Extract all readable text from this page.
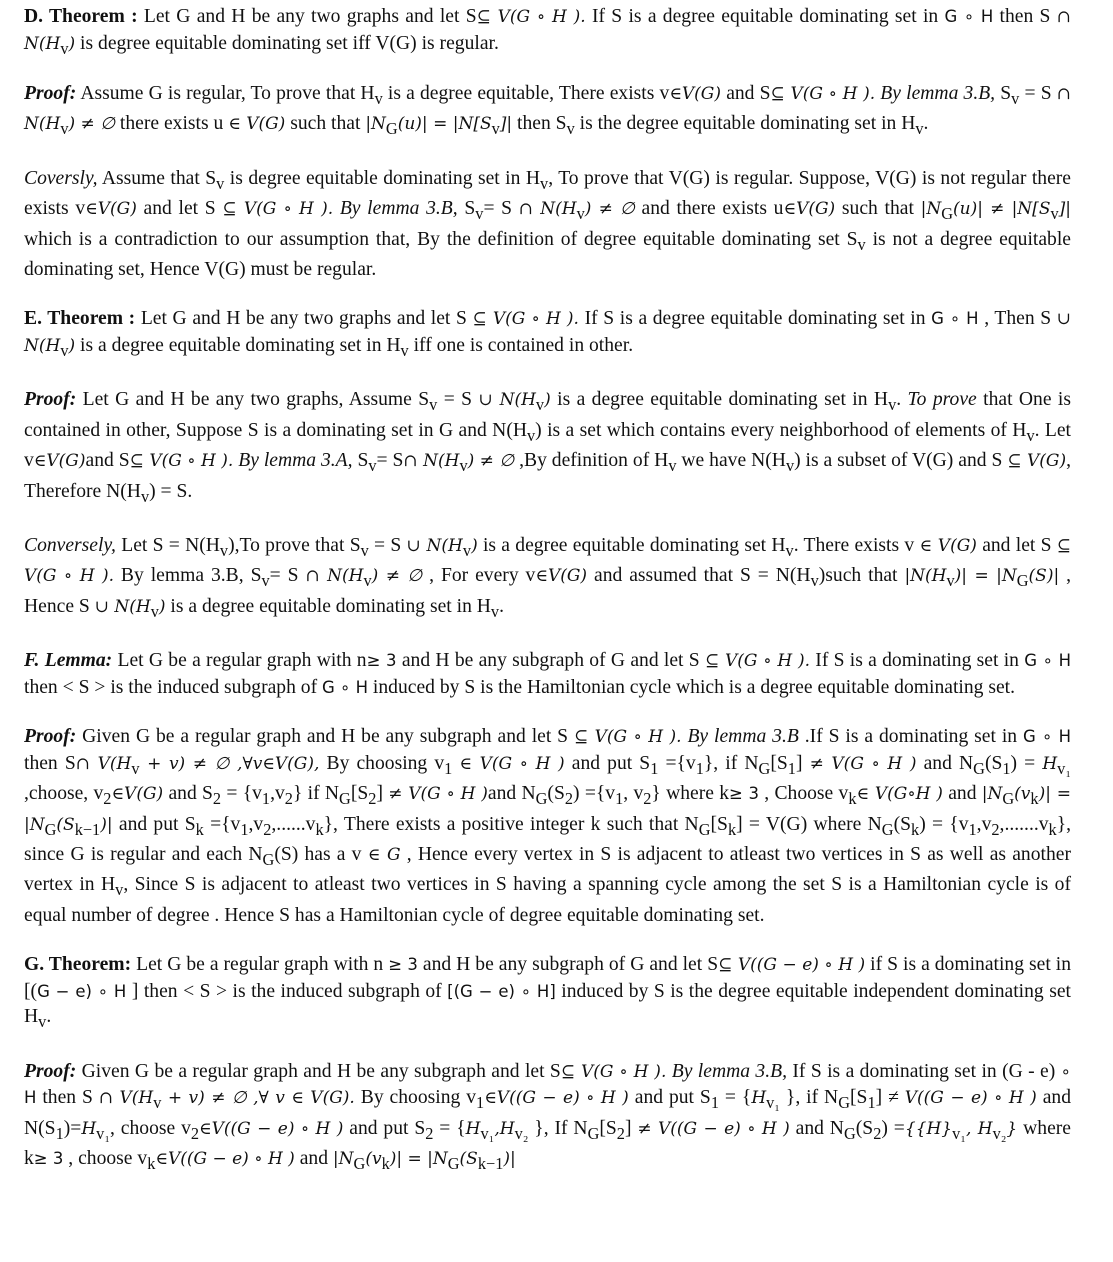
D. Theorem : Let G and H be any two graphs and let S⊆ V(G ∘ H ). If S is a degree equitable dominating set in G ∘ H then S ∩ $N(H_v)$ is degree equitable dominating set iff V(G) is regular.

Proof: Assume G is regular, To prove that $H_v$ is a degree equitable, There exists v∈V(G) and S⊆ V(G ∘ H ). By lemma 3.B, $S_v = S$ ∩ $N(H_v)$ ≠ ∅ there exists u ∈ V(G) such that $|N_G(u)| = |N[S_v]|$ then $S_v$ is the degree equitable dominating set in $H_v$.

Coversly, Assume that $S_v$ is degree equitable dominating set in $H_v$, To prove that V(G) is regular. Suppose, V(G) is not regular there exists v∈V(G) and let S ⊆ V(G ∘ H ). By lemma 3.B, $S_v= S$ ∩ $N(H_v)$ ≠ ∅ and there exists u∈V(G) such that $|N_G(u)| \ne |N[S_v]|$ which is a contradiction to our assumption that, By the definition of degree equitable dominating set $S_v$ is not a degree equitable dominating set, Hence V(G) must be regular.

E. Theorem : Let G and H be any two graphs and let S ⊆ V(G ∘ H ). If S is a degree equitable dominating set in G ∘ H , Then S ∪ $N(H_v)$ is a degree equitable dominating set in $H_v$ iff one is contained in other.

Proof: Let G and H be any two graphs, Assume $S_v = S$ ∪ $N(H_v)$ is a degree equitable dominating set in $H_v$. To prove that One is contained in other, Suppose S is a dominating set in G and $N(H_v)$ is a set which contains every neighborhood of elements of $H_v$. Let v∈V(G)and S⊆ V(G ∘ H ). By lemma 3.A, $S_v=$ S∩ $N(H_v)$ ≠ ∅ ,By definition of $H_v$ we have $N(H_v)$ is a subset of V(G) and S ⊆ V(G), Therefore $N(H_v) = S$.

Conversely, Let $S = N(H_v),To$ prove that $S_v = S$ ∪ $N(H_v)$ is a degree equitable dominating set $H_v$. There exists v ∈ V(G) and let S ⊆ V(G ∘ H ). By lemma 3.B, $S_v= S$ ∩ $N(H_v)$ ≠ ∅ , For every v∈V(G) and assumed that $S = N(H_v)such$ that $|N(H_v)| = |N_G(S)|$ , Hence S ∪ $N(H_v)$ is a degree equitable dominating set in $H_v$.

F. Lemma: Let G be a regular graph with n≥ 3 and H be any subgraph of G and let S ⊆ V(G ∘ H ). If S is a dominating set in G ∘ H then < S > is the induced subgraph of G ∘ H induced by S is the Hamiltonian cycle which is a degree equitable dominating set.

Proof: Given G be a regular graph and H be any subgraph and let S ⊆ V(G ∘ H ). By lemma 3.B .If S is a dominating set in G ∘ H then S∩ $V(H_v + v)$ ≠ ∅ ,∀v∈V(G), By choosing $v_1$ ∈ V(G ∘ H ) and put $S_1 =\{v_1\}$, if $N_G[S_1] \ne V(G$ ∘ H ) and $N_G(S_1) = H_{v_1}$ ,choose, $v_2\in V(G)$ and $S_2 = \{v_1,v_2\}$ if $N_G[S_2] \ne V(G$ ∘ H )and $N_G(S_2) =\{v_1$, $v_2$} where k≥ 3 , Choose $v_k\in$ V(G∘H ) and $|N_G(v_k)| = |N_G(S_{k-1})|$ and put $S_k =\{v_1,v_2,......v_k\}$, There exists a positive integer k such that $N_G[S_k] = V(G)$ where $N_G(S_k) = \{v_1,v_2,.......v_k\}$, since G is regular and each $N_G(S)$ has a v ∈ G , Hence every vertex in S is adjacent to atleast two vertices in S as well as another vertex in $H_v$, Since S is adjacent to atleast two vertices in S having a spanning cycle among the set S is a Hamiltonian cycle is of equal number of degree . Hence S has a Hamiltonian cycle of degree equitable dominating set.

G. Theorem: Let G be a regular graph with n ≥ 3 and H be any subgraph of G and let S⊆ V((G − e) ∘ H ) if S is a dominating set in [(G − e) ∘ H ] then < S > is the induced subgraph of [(G − e) ∘ H] induced by S is the degree equitable independent dominating set $H_v$.

Proof: Given G be a regular graph and H be any subgraph and let S⊆ V(G ∘ H ). By lemma 3.B, If S is a dominating set in (G - e) ∘ H then S ∩ $V(H_v + v)$ ≠ ∅ ,∀ v ∈ V(G). By choosing $v_1\in V((G - e)$ ∘ H ) and put $S_1 = \{H_{v_1}$ }, if $N_G[S_1] \ne V((G - e)$ ∘ H ) and $N(S_1)=H_{v_1}$, choose $v_2\in V((G - e)$ ∘ H ) and put $S_2 = \{H_{v_1},H_{v_2}$ }, If $N_G[S_2] \ne V((G - e)$ ∘ H ) and $N_G(S_2) =\{\{H\}_{v_1}$, $H_{v_2}$} where k≥ 3 , choose $v_k\in V((G - e)$ ∘ H ) and $|N_G(v_k)| = |N_G(S_{k-1})|$
